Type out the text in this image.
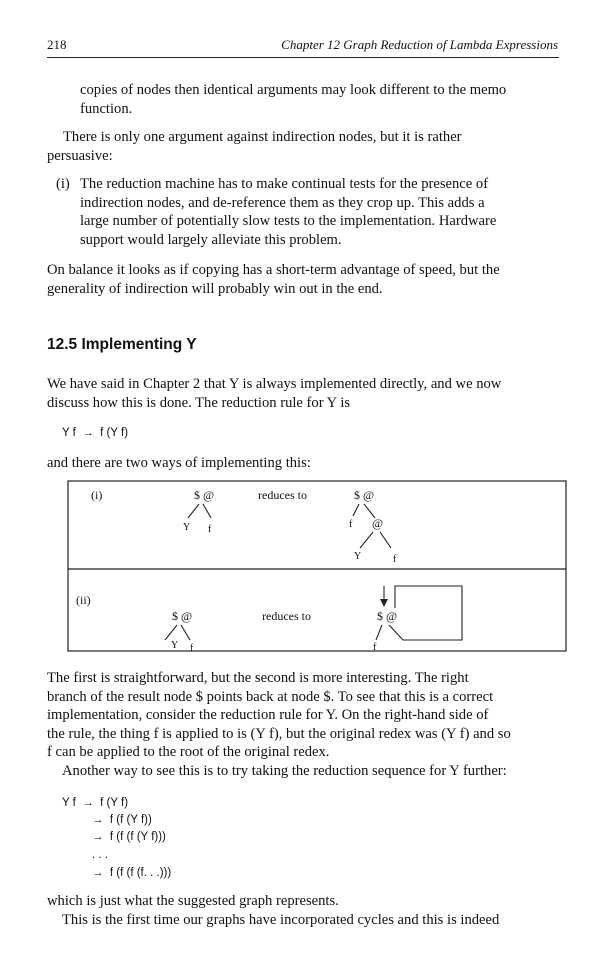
218	Chapter 12 Graph Reduction of Lambda Expressions
copies of nodes then identical arguments may look different to the memo
function.
There is only one argument against indirection nodes, but it is rather
persuasive:
(i) The reduction machine has to make continual tests for the presence of
indirection nodes, and de-reference them as they crop up. This adds a
large number of potentially slow tests to the implementation. Hardware
support would largely alleviate this problem.
On balance it looks as if copying has a short-term advantage of speed, but the
generality of indirection will probably win out in the end.
12.5 Implementing Y
We have said in Chapter 2 that Y is always implemented directly, and we now
discuss how this is done. The reduction rule for Y is
Y f  →  f (Y f)
and there are two ways of implementing this:
(i)	$ @
Y f
reduces to	$ @
f @
Y	f
(ii)
$ @
Y f
reduces to	$ @
f
The first is straightforward, but the second is more interesting. The right
branch of the result node $ points back at node $. To see that this is a correct
implementation, consider the reduction rule for Y. On the right-hand side of
the rule, the thing f is applied to is (Y f), but the original redex was (Y f) and so
f can be applied to the root of the original redex.
Another way to see this is to try taking the reduction sequence for Y further:
Y f  →  f (Y f)
→  f (f (Y f))
→  f (f (f (Y f)))
. . .
→  f (f (f (f. . .)))
which is just what the suggested graph represents.
This is the first time our graphs have incorporated cycles and this is indeed
